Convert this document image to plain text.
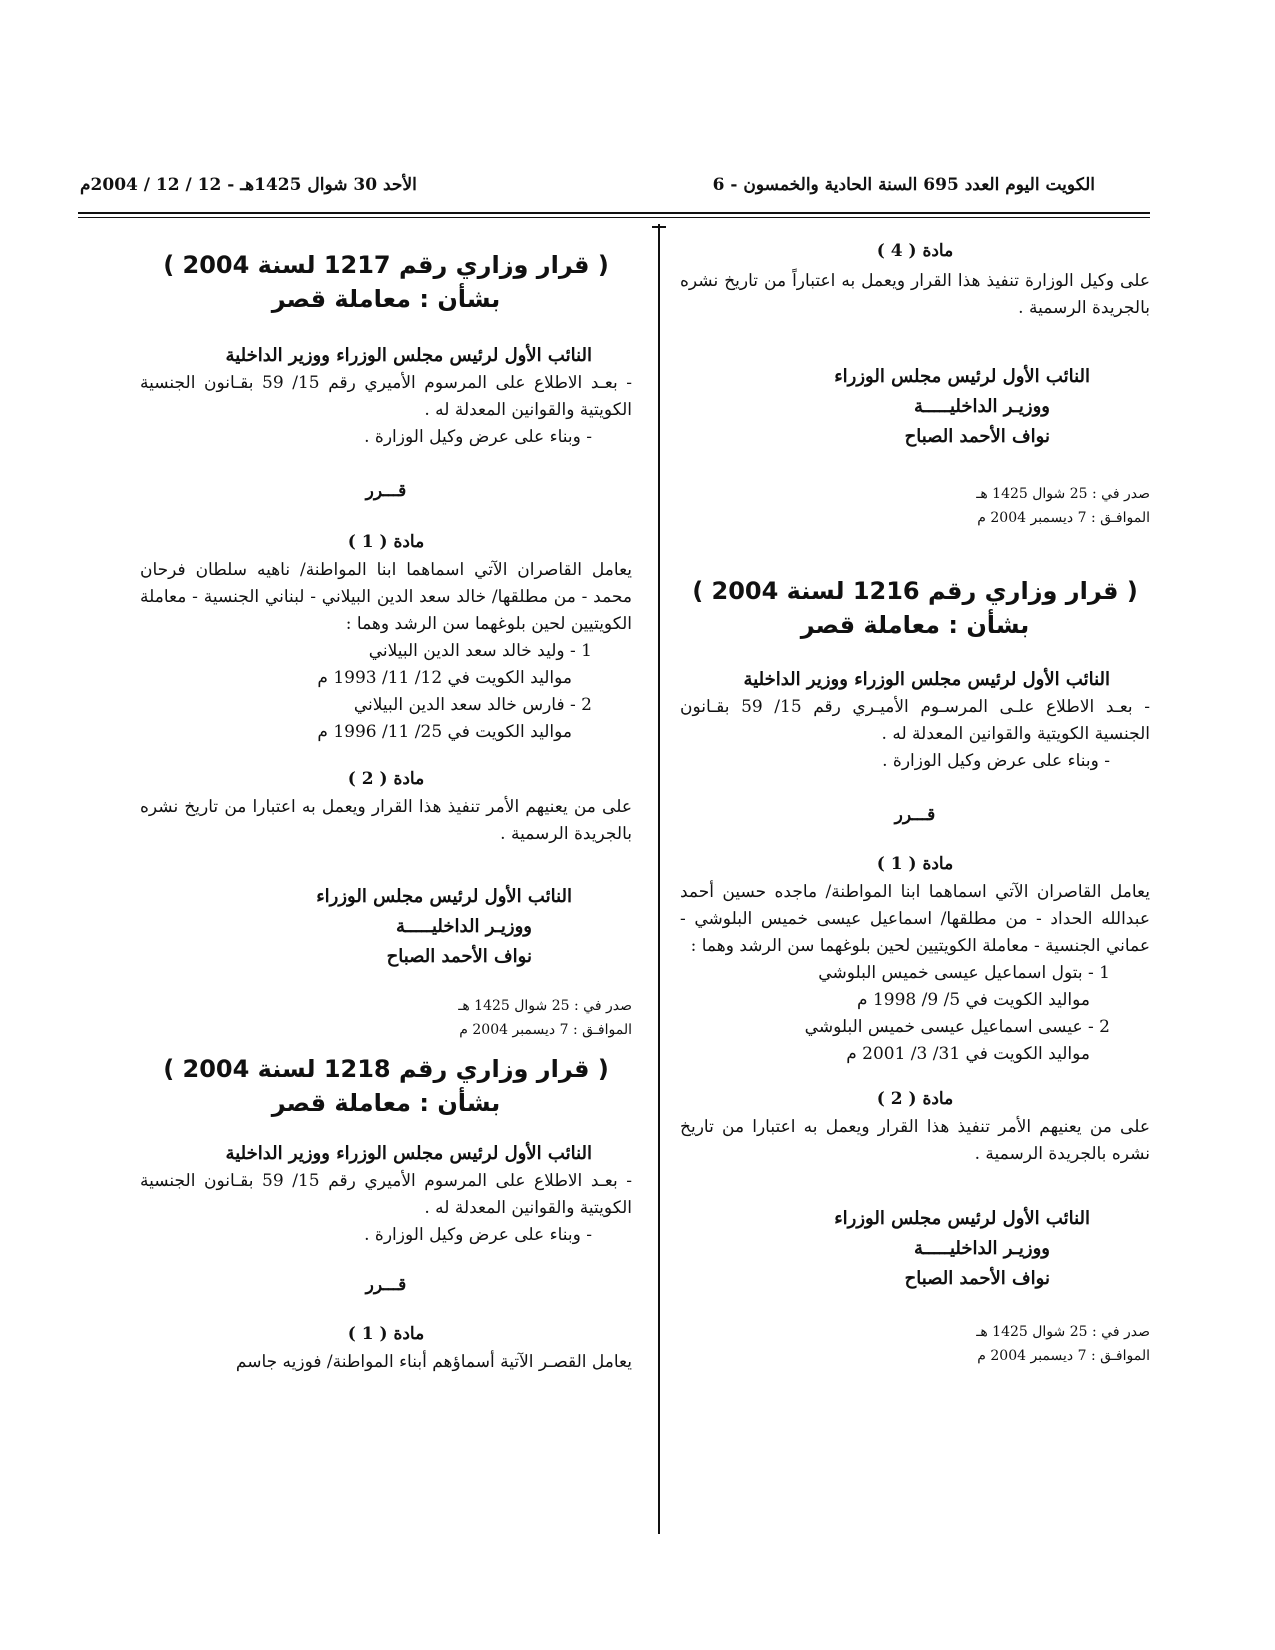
الكويت اليوم العدد 695 السنة الحادية والخمسون - 6
الأحد 30 شوال 1425هـ - 12 / 12 / 2004م

مادة ( 4 )

على وكيل الوزارة تنفيذ هذا القرار ويعمل به اعتباراً من تاريخ نشره بالجريدة الرسمية .

النائب الأول لرئيس مجلس الوزراء

ووزيـر الداخليـــــة

نواف الأحمد الصباح

صدر في : 25 شوال 1425 هـ

الموافـق : 7 ديسمبر 2004 م

( قرار وزاري رقم 1216 لسنة 2004 )

بشأن : معاملة قصر

النائب الأول لرئيس مجلس الوزراء ووزير الداخلية

- بعـد الاطلاع علـى المرسـوم الأميـري رقم 15/ 59 بقـانون الجنسية الكويتية والقوانين المعدلة له .

- وبناء على عرض وكيل الوزارة .

قـــرر

مادة ( 1 )

يعامل القاصران الآتي اسماهما ابنا المواطنة/ ماجده حسين أحمد عبدالله الحداد - من مطلقها/ اسماعيل عيسى خميس البلوشي - عماني الجنسية - معاملة الكويتيين لحين بلوغهما سن الرشد وهما :

1 - بتول اسماعيل عيسى خميس البلوشي

مواليد الكويت في 5/ 9/ 1998 م

2 - عيسى اسماعيل عيسى خميس البلوشي

مواليد الكويت في 31/ 3/ 2001 م

مادة ( 2 )

على من يعنيهم الأمر تنفيذ هذا القرار ويعمل به اعتبارا من تاريخ نشره بالجريدة الرسمية .

النائب الأول لرئيس مجلس الوزراء

ووزيـر الداخليـــــة

نواف الأحمد الصباح

صدر في : 25 شوال 1425 هـ

الموافـق : 7 ديسمبر 2004 م

( قرار وزاري رقم 1217 لسنة 2004 )

بشأن : معاملة قصر

النائب الأول لرئيس مجلس الوزراء ووزير الداخلية

- بعـد الاطلاع على المرسوم الأميري رقم 15/ 59 بقـانون الجنسية الكويتية والقوانين المعدلة له .

- وبناء على عرض وكيل الوزارة .

قـــرر

مادة ( 1 )

يعامل القاصران الآتي اسماهما ابنا المواطنة/ ناهيه سلطان فرحان محمد - من مطلقها/ خالد سعد الدين البيلاني - لبناني الجنسية - معاملة الكويتيين لحين بلوغهما سن الرشد وهما :

1 - وليد خالد سعد الدين البيلاني

مواليد الكويت في 12/ 11/ 1993 م

2 - فارس خالد سعد الدين البيلاني

مواليد الكويت في 25/ 11/ 1996 م

مادة ( 2 )

على من يعنيهم الأمر تنفيذ هذا القرار ويعمل به اعتبارا من تاريخ نشره بالجريدة الرسمية .

النائب الأول لرئيس مجلس الوزراء

ووزيـر الداخليـــــة

نواف الأحمد الصباح

صدر في : 25 شوال 1425 هـ

الموافـق : 7 ديسمبر 2004 م

( قرار وزاري رقم 1218 لسنة 2004 )

بشأن : معاملة قصر

النائب الأول لرئيس مجلس الوزراء ووزير الداخلية

- بعـد الاطلاع على المرسوم الأميري رقم 15/ 59 بقـانون الجنسية الكويتية والقوانين المعدلة له .

- وبناء على عرض وكيل الوزارة .

قـــرر

مادة ( 1 )

يعامل القصـر الآتية أسماؤهم أبناء المواطنة/ فوزيه جاسم
